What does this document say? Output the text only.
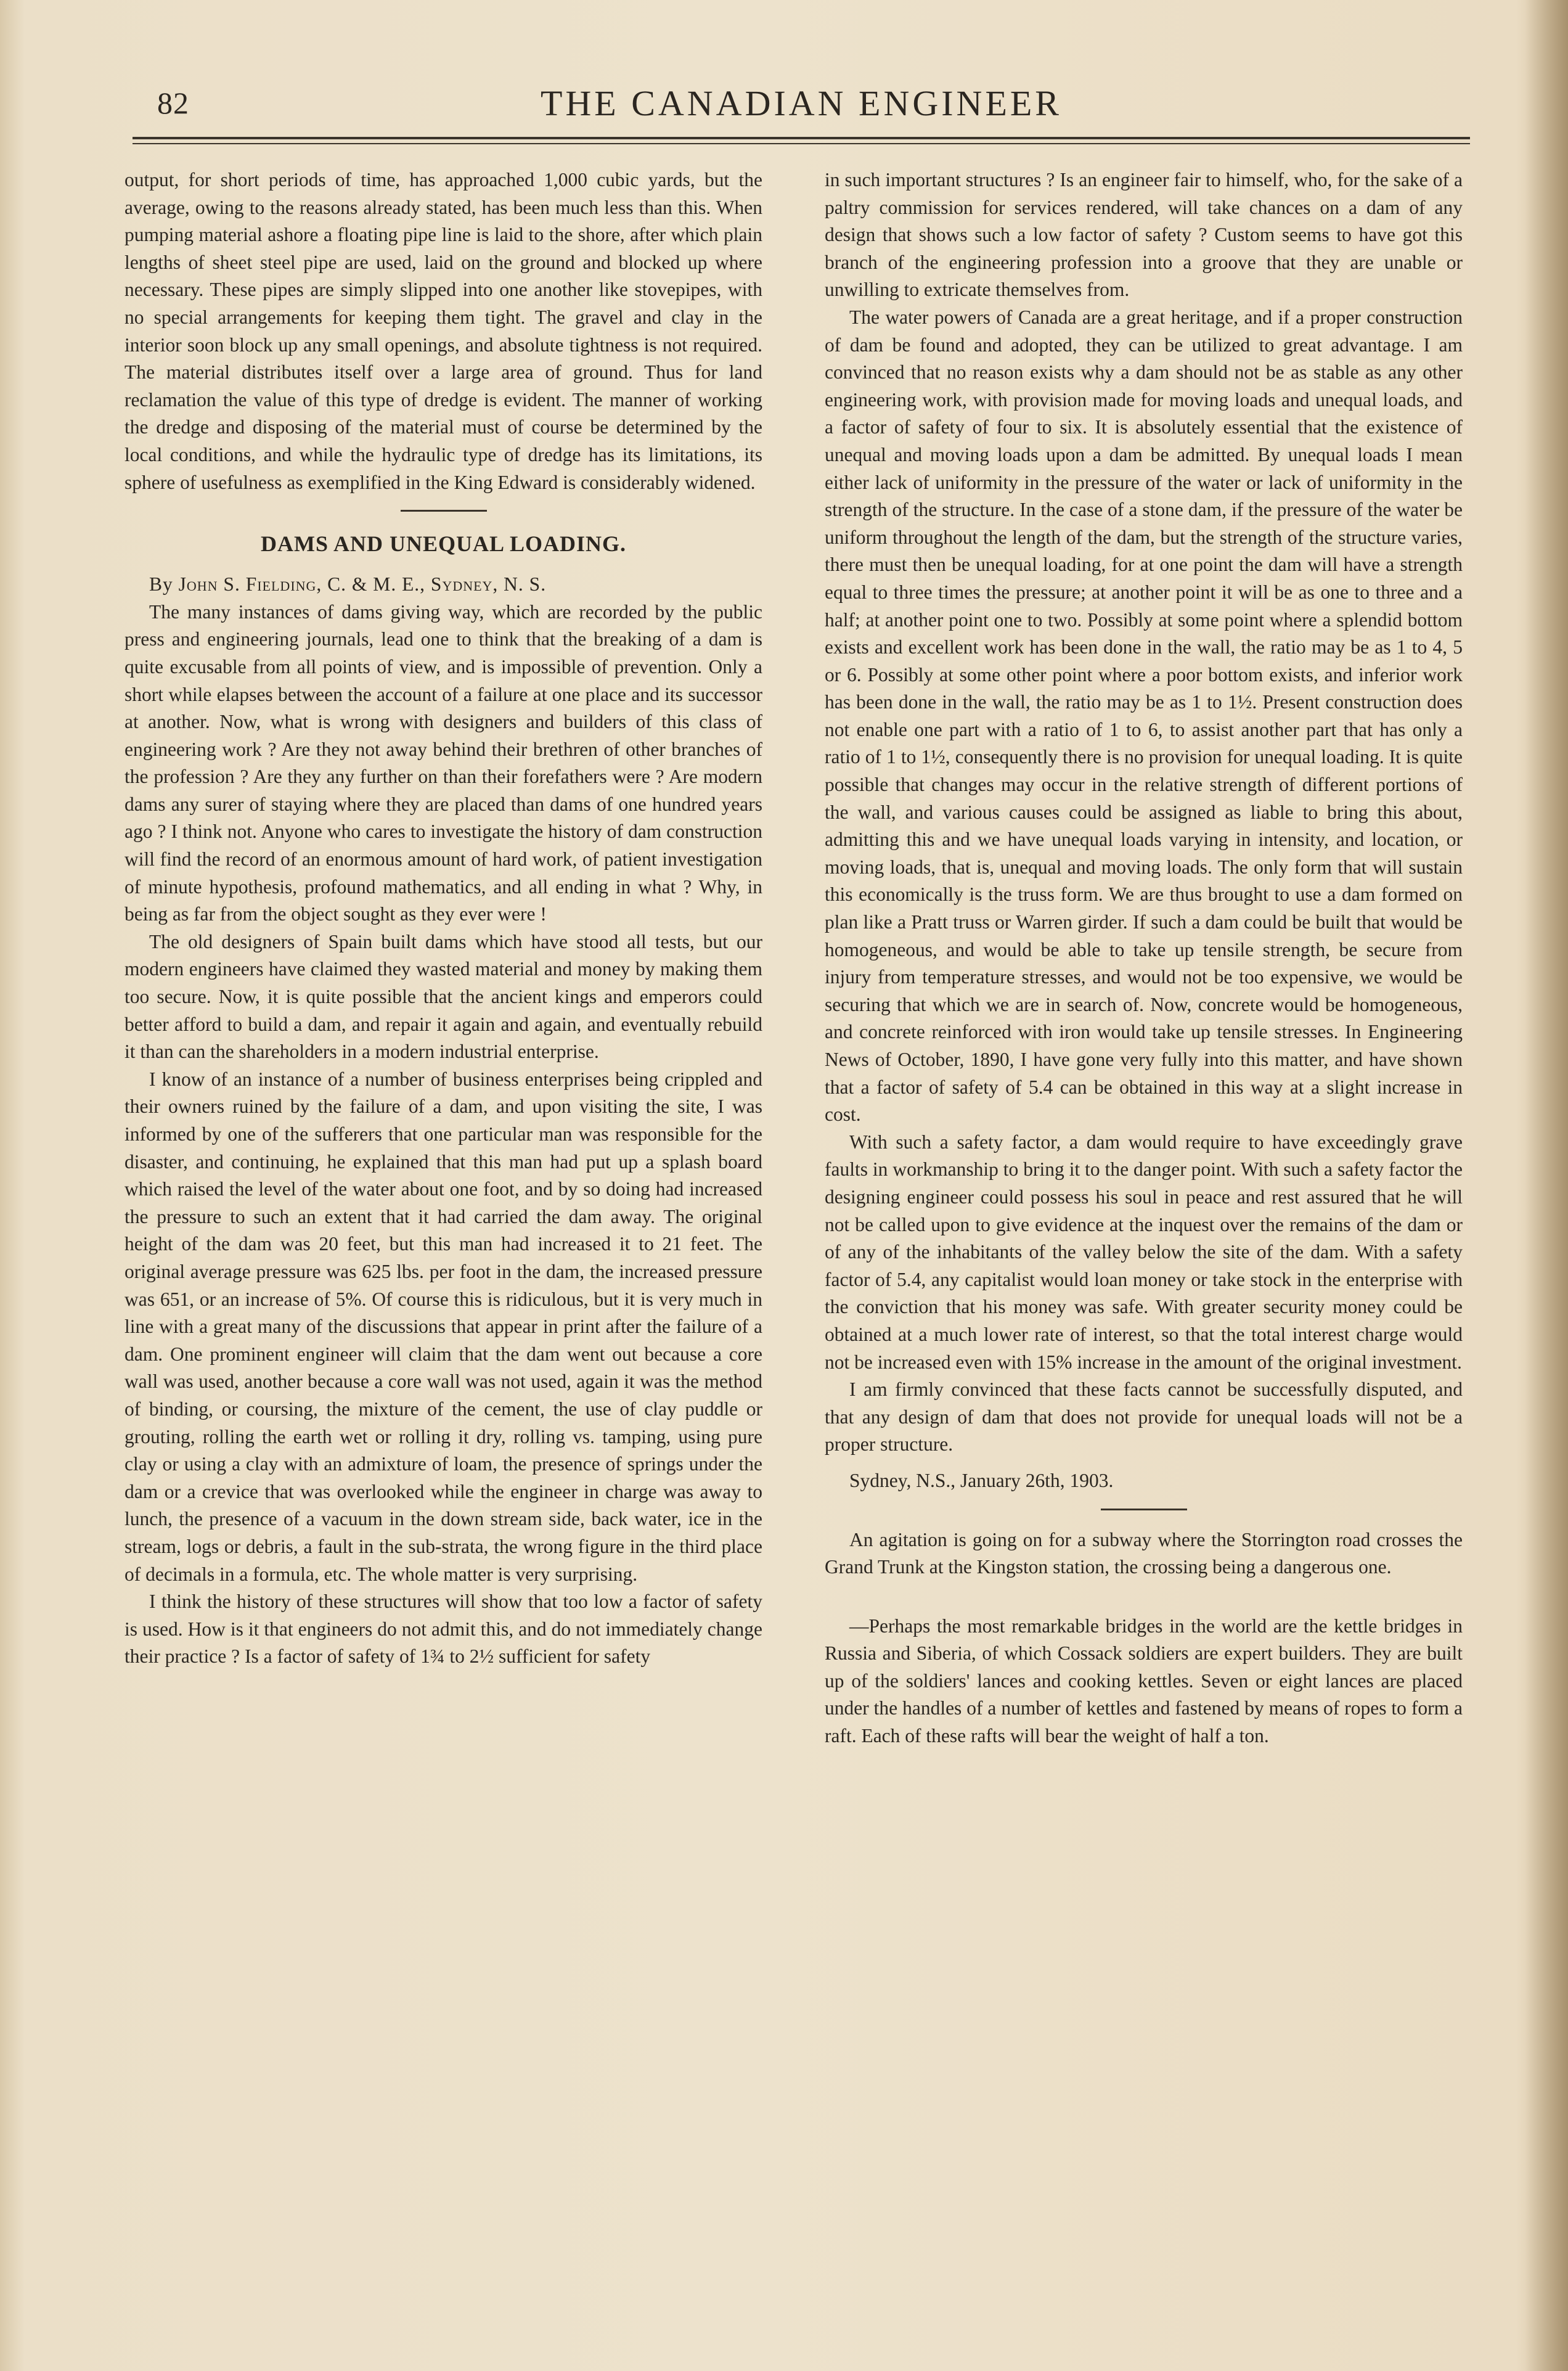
82	THE CANADIAN ENGINEER

output, for short periods of time, has approached 1,000 cubic yards, but the average, owing to the reasons already stated, has been much less than this. When pumping material ashore a floating pipe line is laid to the shore, after which plain lengths of sheet steel pipe are used, laid on the ground and blocked up where necessary. These pipes are simply slipped into one another like stovepipes, with no special arrangements for keeping them tight. The gravel and clay in the interior soon block up any small openings, and absolute tightness is not required. The material distributes itself over a large area of ground. Thus for land reclamation the value of this type of dredge is evident. The manner of working the dredge and disposing of the material must of course be determined by the local conditions, and while the hydraulic type of dredge has its limitations, its sphere of usefulness as exemplified in the King Edward is considerably widened.

DAMS AND UNEQUAL LOADING.

By John S. Fielding, C. & M. E., Sydney, N. S.

The many instances of dams giving way, which are recorded by the public press and engineering journals, lead one to think that the breaking of a dam is quite excusable from all points of view, and is impossible of prevention. Only a short while elapses between the account of a failure at one place and its successor at another. Now, what is wrong with designers and builders of this class of engineering work ? Are they not away behind their brethren of other branches of the profession ? Are they any further on than their forefathers were ? Are modern dams any surer of staying where they are placed than dams of one hundred years ago ? I think not. Anyone who cares to investigate the history of dam construction will find the record of an enormous amount of hard work, of patient investigation of minute hypothesis, profound mathematics, and all ending in what ? Why, in being as far from the object sought as they ever were !

The old designers of Spain built dams which have stood all tests, but our modern engineers have claimed they wasted material and money by making them too secure. Now, it is quite possible that the ancient kings and emperors could better afford to build a dam, and repair it again and again, and eventually rebuild it than can the shareholders in a modern industrial enterprise.

I know of an instance of a number of business enterprises being crippled and their owners ruined by the failure of a dam, and upon visiting the site, I was informed by one of the sufferers that one particular man was responsible for the disaster, and continuing, he explained that this man had put up a splash board which raised the level of the water about one foot, and by so doing had increased the pressure to such an extent that it had carried the dam away. The original height of the dam was 20 feet, but this man had increased it to 21 feet. The original average pressure was 625 lbs. per foot in the dam, the increased pressure was 651, or an increase of 5%. Of course this is ridiculous, but it is very much in line with a great many of the discussions that appear in print after the failure of a dam. One prominent engineer will claim that the dam went out because a core wall was used, another because a core wall was not used, again it was the method of binding, or coursing, the mixture of the cement, the use of clay puddle or grouting, rolling the earth wet or rolling it dry, rolling vs. tamping, using pure clay or using a clay with an admixture of loam, the presence of springs under the dam or a crevice that was overlooked while the engineer in charge was away to lunch, the presence of a vacuum in the down stream side, back water, ice in the stream, logs or debris, a fault in the sub-strata, the wrong figure in the third place of decimals in a formula, etc. The whole matter is very surprising.

I think the history of these structures will show that too low a factor of safety is used. How is it that engineers do not admit this, and do not immediately change their practice ? Is a factor of safety of 1¾ to 2½ sufficient for safety

in such important structures ? Is an engineer fair to himself, who, for the sake of a paltry commission for services rendered, will take chances on a dam of any design that shows such a low factor of safety ? Custom seems to have got this branch of the engineering profession into a groove that they are unable or unwilling to extricate themselves from.

The water powers of Canada are a great heritage, and if a proper construction of dam be found and adopted, they can be utilized to great advantage. I am convinced that no reason exists why a dam should not be as stable as any other engineering work, with provision made for moving loads and unequal loads, and a factor of safety of four to six. It is absolutely essential that the existence of unequal and moving loads upon a dam be admitted. By unequal loads I mean either lack of uniformity in the pressure of the water or lack of uniformity in the strength of the structure. In the case of a stone dam, if the pressure of the water be uniform throughout the length of the dam, but the strength of the structure varies, there must then be unequal loading, for at one point the dam will have a strength equal to three times the pressure; at another point it will be as one to three and a half; at another point one to two. Possibly at some point where a splendid bottom exists and excellent work has been done in the wall, the ratio may be as 1 to 4, 5 or 6. Possibly at some other point where a poor bottom exists, and inferior work has been done in the wall, the ratio may be as 1 to 1½. Present construction does not enable one part with a ratio of 1 to 6, to assist another part that has only a ratio of 1 to 1½, consequently there is no provision for unequal loading. It is quite possible that changes may occur in the relative strength of different portions of the wall, and various causes could be assigned as liable to bring this about, admitting this and we have unequal loads varying in intensity, and location, or moving loads, that is, unequal and moving loads. The only form that will sustain this economically is the truss form. We are thus brought to use a dam formed on plan like a Pratt truss or Warren girder. If such a dam could be built that would be homogeneous, and would be able to take up tensile strength, be secure from injury from temperature stresses, and would not be too expensive, we would be securing that which we are in search of. Now, concrete would be homogeneous, and concrete reinforced with iron would take up tensile stresses. In Engineering News of October, 1890, I have gone very fully into this matter, and have shown that a factor of safety of 5.4 can be obtained in this way at a slight increase in cost.

With such a safety factor, a dam would require to have exceedingly grave faults in workmanship to bring it to the danger point. With such a safety factor the designing engineer could possess his soul in peace and rest assured that he will not be called upon to give evidence at the inquest over the remains of the dam or of any of the inhabitants of the valley below the site of the dam. With a safety factor of 5.4, any capitalist would loan money or take stock in the enterprise with the conviction that his money was safe. With greater security money could be obtained at a much lower rate of interest, so that the total interest charge would not be increased even with 15% increase in the amount of the original investment.

I am firmly convinced that these facts cannot be successfully disputed, and that any design of dam that does not provide for unequal loads will not be a proper structure.

Sydney, N.S., January 26th, 1903.

An agitation is going on for a subway where the Storrington road crosses the Grand Trunk at the Kingston station, the crossing being a dangerous one.

—Perhaps the most remarkable bridges in the world are the kettle bridges in Russia and Siberia, of which Cossack soldiers are expert builders. They are built up of the soldiers' lances and cooking kettles. Seven or eight lances are placed under the handles of a number of kettles and fastened by means of ropes to form a raft. Each of these rafts will bear the weight of half a ton.
